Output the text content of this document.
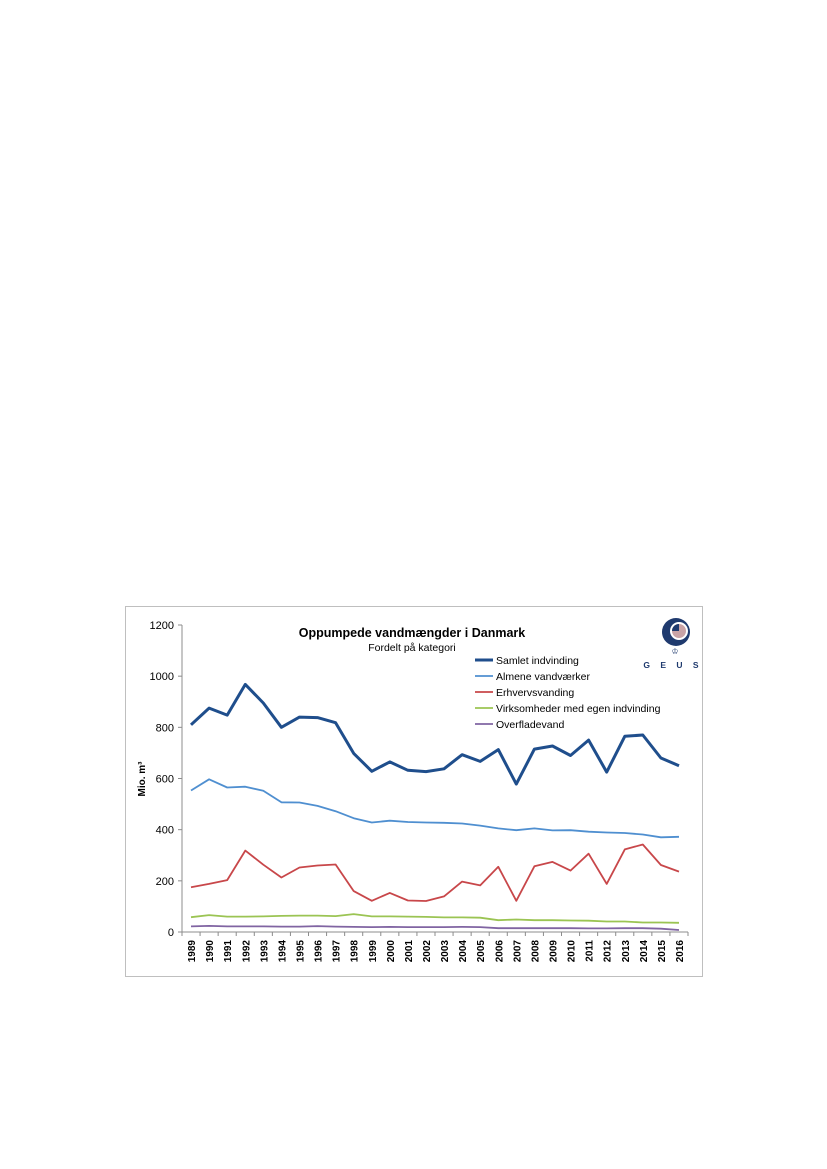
Oppumpede vandmængder i Danmark
Fordelt på kategori
Mio. m³
♔
G E U S
0
200
400
600
800
1000
1200
1989 1990 1991 1992 1993 1994 1995 1996 1997 1998 1999 2000 2001 2002 2003 2004 2005 2006 2007 2008 2009 2010 2011 2012 2013 2014 2015 2016
Samlet indvinding
Almene vandværker
Erhvervsvanding
Virksomheder med egen indvinding
Overfladevand
